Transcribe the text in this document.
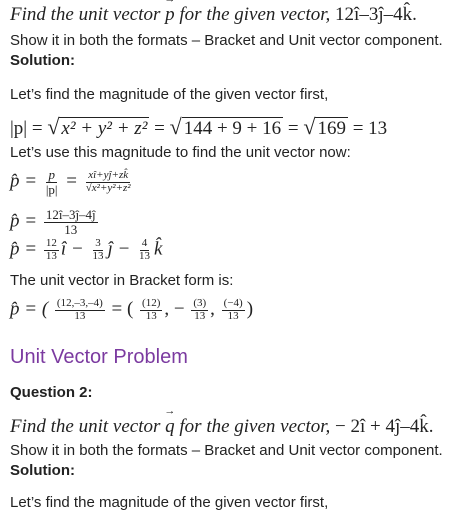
Find the unit vector p → for the given vector, 12î–3ĵ–4k̂.
Show it in both the formats – Bracket and Unit vector component.
Solution:
Let’s find the magnitude of the given vector first,
|p| = √ x² + y² + z² = √ 144 + 9 + 16 = √ 169 = 13
Let’s use this magnitude to find the unit vector now:
p̂ = $\frac{p}{|p|} = \frac{xî+yĵ+zk̂}{\text{√x²+y²+z²}}$
p̂ = $\frac{12î-3ĵ-4ĵ}{13}$
p̂ = $\frac{12}{13}$ î − $\frac{3}{13}$ ĵ − $\frac{4}{13}$ k̂
The unit vector in Bracket form is:
p̂ = ( $\frac{(12,-3,-4)}{13}$ = ( $\frac{(12)}{13}$ , − $\frac{(3)}{13}$ , $\frac{(-4)}{13}$ )
Unit Vector Problem
Question 2:
Find the unit vector q → for the given vector, − 2î + 4ĵ–4k̂.
Show it in both the formats – Bracket and Unit vector component.
Solution:
Let’s find the magnitude of the given vector first,
